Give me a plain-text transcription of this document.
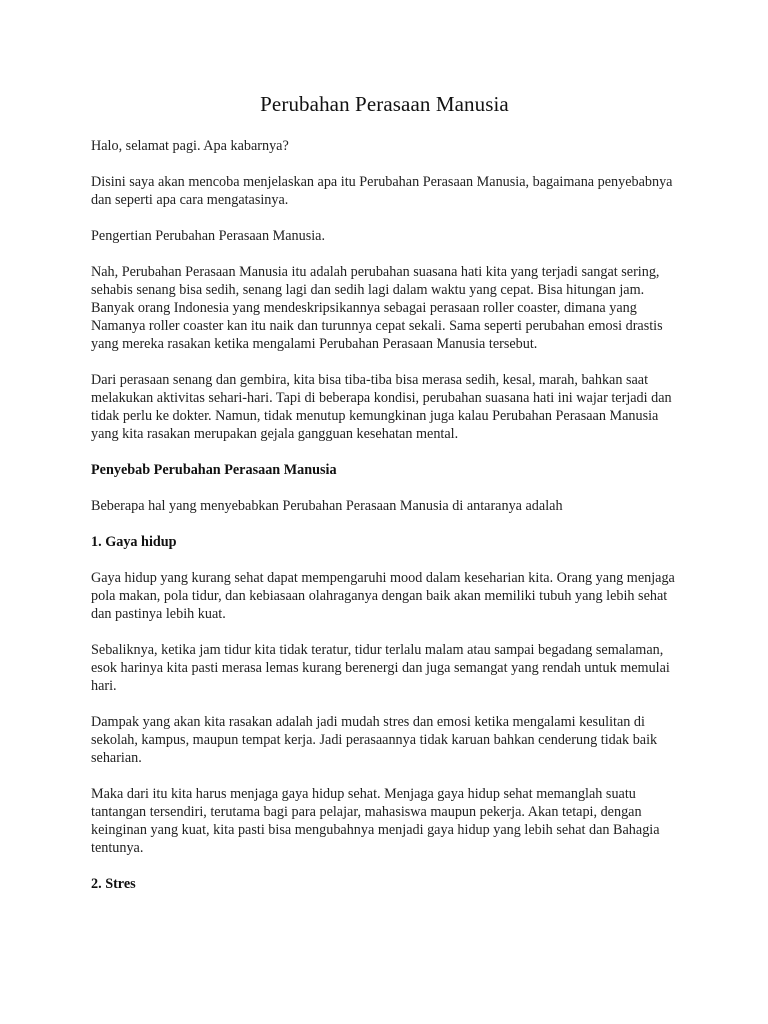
Perubahan Perasaan Manusia

Halo, selamat pagi. Apa kabarnya?

Disini saya akan mencoba menjelaskan apa itu Perubahan Perasaan Manusia, bagaimana penyebabnya dan seperti apa cara mengatasinya.

Pengertian Perubahan Perasaan Manusia.

Nah, Perubahan Perasaan Manusia itu adalah perubahan suasana hati kita yang terjadi sangat sering, sehabis senang bisa sedih, senang lagi dan sedih lagi dalam waktu yang cepat. Bisa hitungan jam. Banyak orang Indonesia yang mendeskripsikannya sebagai perasaan roller coaster, dimana yang Namanya roller coaster kan itu naik dan turunnya cepat sekali. Sama seperti perubahan emosi drastis yang mereka rasakan ketika mengalami Perubahan Perasaan Manusia tersebut.

Dari perasaan senang dan gembira, kita bisa tiba-tiba bisa merasa sedih, kesal, marah, bahkan saat melakukan aktivitas sehari-hari. Tapi di beberapa kondisi, perubahan suasana hati ini wajar terjadi dan tidak perlu ke dokter. Namun, tidak menutup kemungkinan juga kalau Perubahan Perasaan Manusia yang kita rasakan merupakan gejala gangguan kesehatan mental.

Penyebab Perubahan Perasaan Manusia

Beberapa hal yang menyebabkan Perubahan Perasaan Manusia di antaranya adalah

1. Gaya hidup

Gaya hidup yang kurang sehat dapat mempengaruhi mood dalam keseharian kita. Orang yang menjaga pola makan, pola tidur, dan kebiasaan olahraganya dengan baik akan memiliki tubuh yang lebih sehat dan pastinya lebih kuat.

Sebaliknya, ketika jam tidur kita tidak teratur, tidur terlalu malam atau sampai begadang semalaman, esok harinya kita pasti merasa lemas kurang berenergi dan juga semangat yang rendah untuk memulai hari.

Dampak yang akan kita rasakan adalah jadi mudah stres dan emosi ketika mengalami kesulitan di sekolah, kampus, maupun tempat kerja. Jadi perasaannya tidak karuan bahkan cenderung tidak baik seharian.

Maka dari itu kita harus menjaga gaya hidup sehat. Menjaga gaya hidup sehat memanglah suatu tantangan tersendiri, terutama bagi para pelajar, mahasiswa maupun pekerja. Akan tetapi, dengan keinginan yang kuat, kita pasti bisa mengubahnya menjadi gaya hidup yang lebih sehat dan Bahagia tentunya.

2. Stres
